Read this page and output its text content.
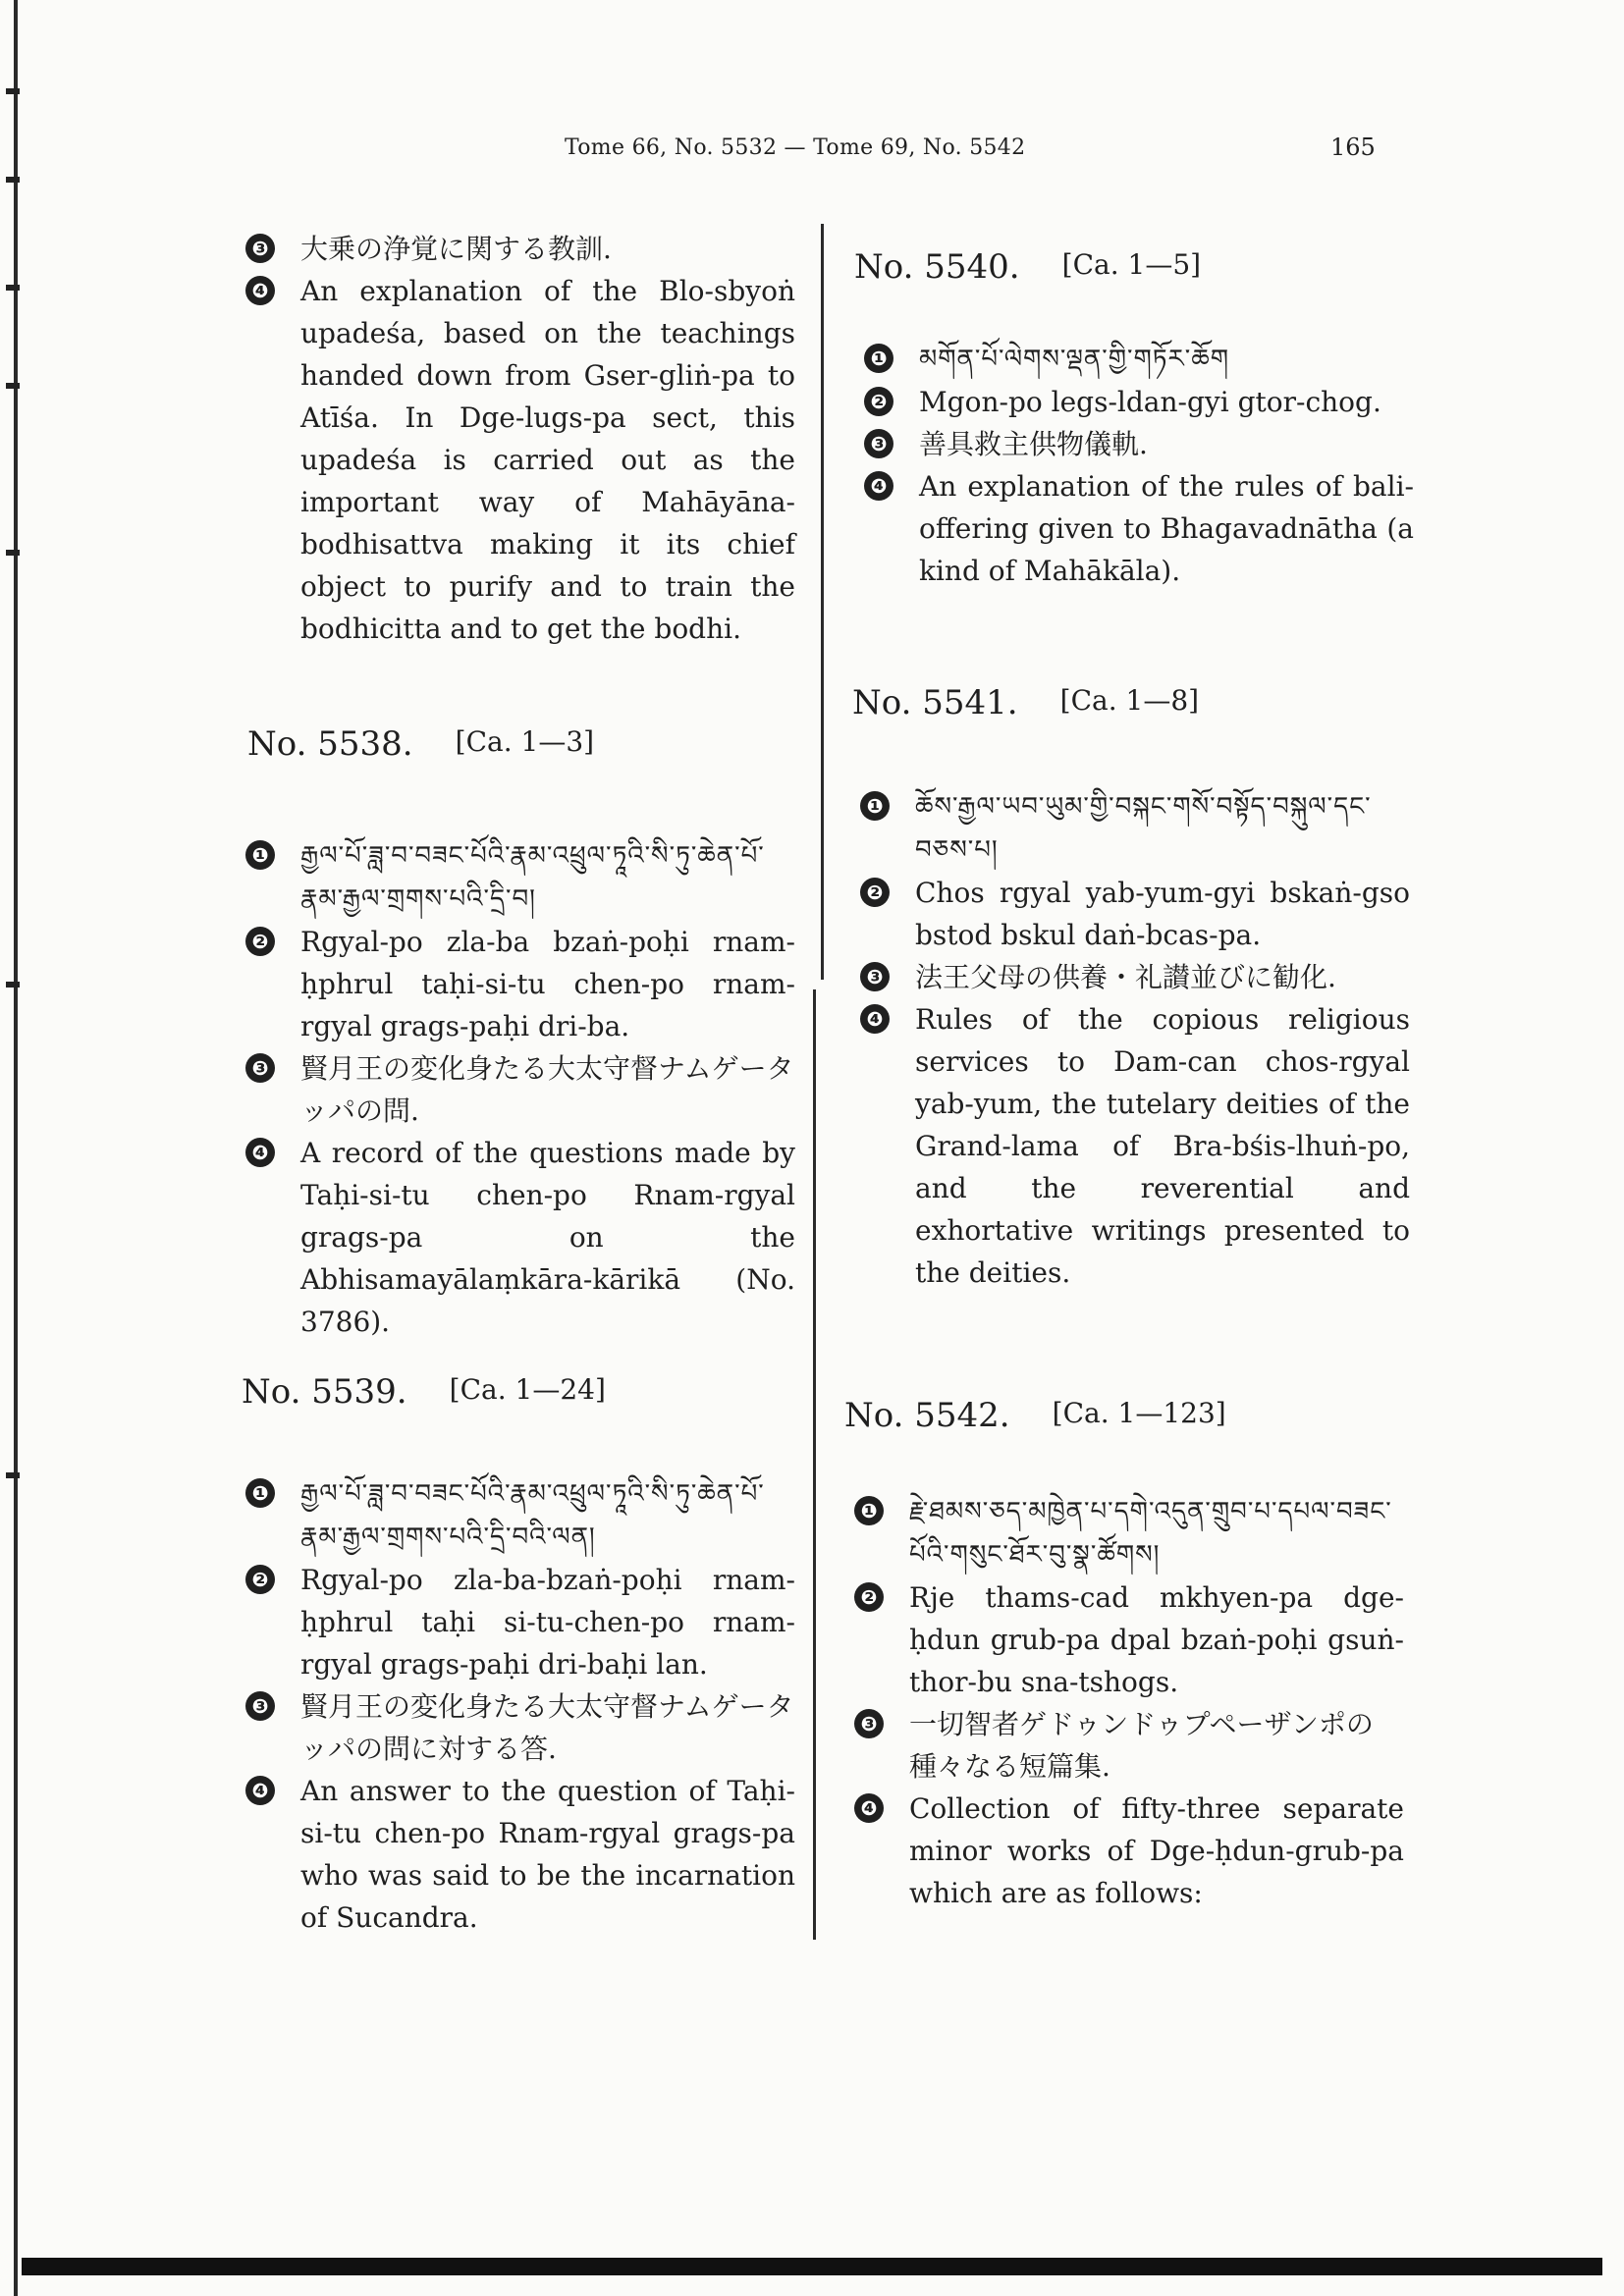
Tome 66, No. 5532 — Tome 69, No. 5542	165
❸ 大乗の浄覚に関する教訓.
❹ An explanation of the Blo-sbyoṅ upadeśa, based on the teachings handed down from Gser-gliṅ-pa to Atīśa. In Dge-lugs-pa sect, this upadeśa is carried out as the important way of Mahāyāna-bodhisattva making it its chief object to purify and to train the bodhicitta and to get the bodhi.
No. 5538. [Ca. 1—3]
❶ རྒྱལ་པོ་ཟླ་བ་བཟང་པོའི་རྣམ་འཕྲུལ་ཏཱའི་སི་ཏུ་ཆེན་པོ་རྣམ་རྒྱལ་གྲགས་པའི་དྲི་བ།
❷ Rgyal-po zla-ba bzaṅ-poḥi rnam-ḥphrul taḥi-si-tu chen-po rnam-rgyal grags-paḥi dri-ba.
❸ 賢月王の変化身たる大太守督ナムゲータッパの問.
❹ A record of the questions made by Taḥi-si-tu chen-po Rnam-rgyal grags-pa on the Abhisamayālaṃkāra-kārikā (No. 3786).
No. 5539. [Ca. 1—24]
❶ རྒྱལ་པོ་ཟླ་བ་བཟང་པོའི་རྣམ་འཕྲུལ་ཏཱའི་སི་ཏུ་ཆེན་པོ་རྣམ་རྒྱལ་གྲགས་པའི་དྲི་བའི་ལན།
❷ Rgyal-po zla-ba-bzaṅ-poḥi rnam-ḥphrul taḥi si-tu-chen-po rnam-rgyal grags-paḥi dri-baḥi lan.
❸ 賢月王の変化身たる大太守督ナムゲータッパの問に対する答.
❹ An answer to the question of Taḥi-si-tu chen-po Rnam-rgyal grags-pa who was said to be the incarnation of Sucandra.
No. 5540. [Ca. 1—5]
❶ མགོན་པོ་ལེགས་ལྡན་གྱི་གཏོར་ཆོག
❷ Mgon-po legs-ldan-gyi gtor-chog.
❸ 善具救主供物儀軌.
❹ An explanation of the rules of bali-offering given to Bhagavadnātha (a kind of Mahākāla).
No. 5541. [Ca. 1—8]
❶ ཆོས་རྒྱལ་ཡབ་ཡུམ་གྱི་བསྐང་གསོ་བསྟོད་བསྐུལ་དང་བཅས་པ།
❷ Chos rgyal yab-yum-gyi bskaṅ-gso bstod bskul daṅ-bcas-pa.
❸ 法王父母の供養・礼讃並びに勧化.
❹ Rules of the copious religious services to Dam-can chos-rgyal yab-yum, the tutelary deities of the Grand-lama of Bra-bśis-lhuṅ-po, and the reverential and exhortative writings presented to the deities.
No. 5542. [Ca. 1—123]
❶ རྗེ་ཐམས་ཅད་མཁྱེན་པ་དགེ་འདུན་གྲུབ་པ་དཔལ་བཟང་པོའི་གསུང་ཐོར་བུ་སྣ་ཚོགས།
❷ Rje thams-cad mkhyen-pa dge-ḥdun grub-pa dpal bzaṅ-poḥi gsuṅ-thor-bu sna-tshogs.
❸ 一切智者ゲドゥンドゥプペーザンポの種々なる短篇集.
❹ Collection of fifty-three separate minor works of Dge-ḥdun-grub-pa which are as follows:
